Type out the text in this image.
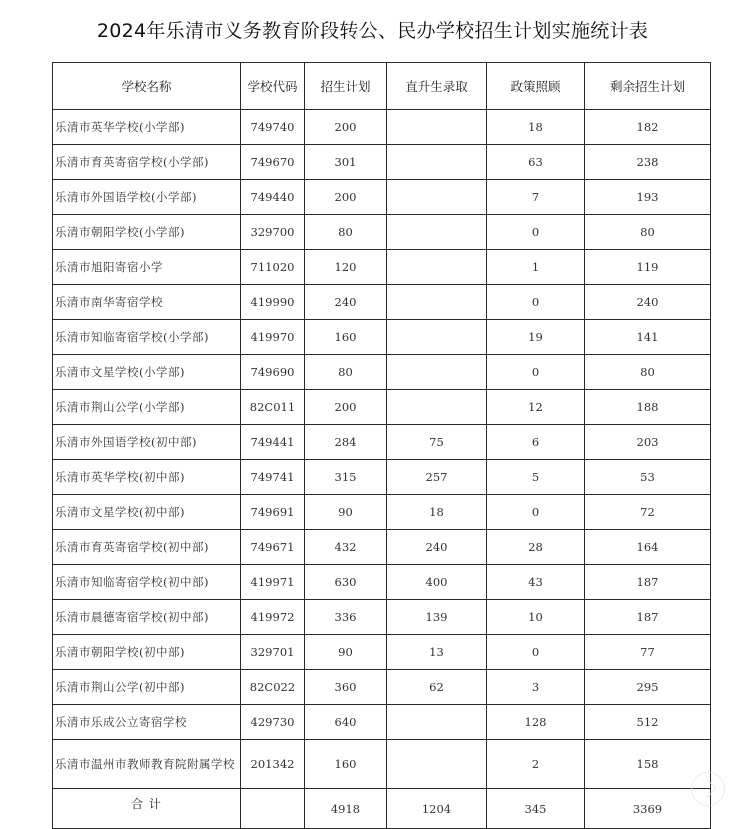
2024年乐清市义务教育阶段转公、民办学校招生计划实施统计表
学校名称	学校代码	招生计划	直升生录取	政策照顾	剩余招生计划
乐清市英华学校(小学部)	749740	200		18	182
乐清市育英寄宿学校(小学部)	749670	301		63	238
乐清市外国语学校(小学部)	749440	200		7	193
乐清市朝阳学校(小学部)	329700	80		0	80
乐清市旭阳寄宿小学	711020	120		1	119
乐清市南华寄宿学校	419990	240		0	240
乐清市知临寄宿学校(小学部)	419970	160		19	141
乐清市文星学校(小学部)	749690	80		0	80
乐清市荆山公学(小学部)	82C011	200		12	188
乐清市外国语学校(初中部)	749441	284	75	6	203
乐清市英华学校(初中部)	749741	315	257	5	53
乐清市文星学校(初中部)	749691	90	18	0	72
乐清市育英寄宿学校(初中部)	749671	432	240	28	164
乐清市知临寄宿学校(初中部)	419971	630	400	43	187
乐清市晨德寄宿学校(初中部)	419972	336	139	10	187
乐清市朝阳学校(初中部)	329701	90	13	0	77
乐清市荆山公学(初中部)	82C022	360	62	3	295
乐清市乐成公立寄宿学校	429730	640		128	512
乐清市温州市教师教育院附属学校	201342	160		2	158
合 计		4918	1204	345	3369
